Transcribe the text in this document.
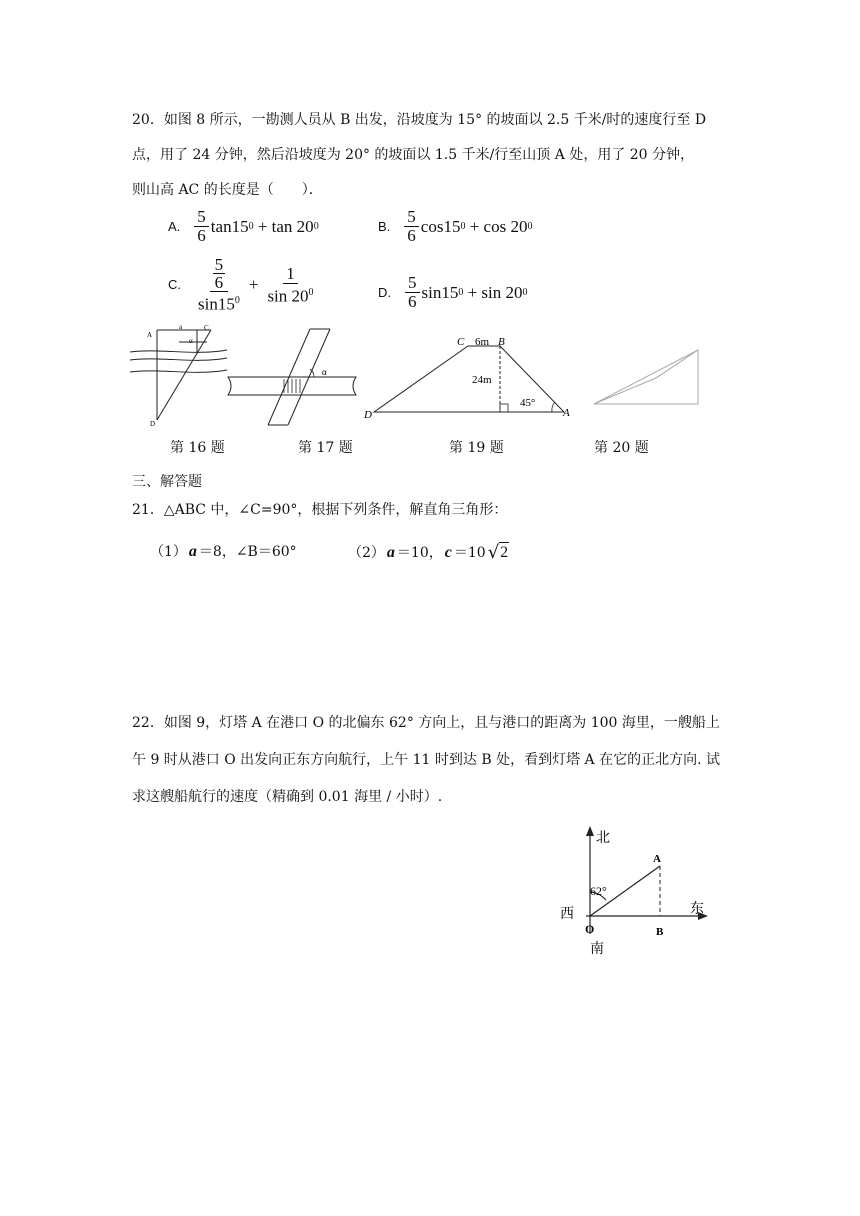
20．如图 8 所示，一勘测人员从 B 出发，沿坡度为 15° 的坡面以 2.5 千米/时的速度行至 D
点，用了 24 分钟，然后沿坡度为 20° 的坡面以 1.5 千米/行至山顶 A 处，用了 20 分钟，
则山高 AC 的长度是（　　）．
A. $\frac{5}{6} \tan 15$ 0 + tan 20 0	B. $\frac{5}{6} \cos 15$ 0 + cos 20 0
C. $\frac{\frac{5}{6}}{\sin 15^0} + \frac{1}{\sin 20^0}$	D. $\frac{5}{6} \sin 15$ 0 + sin 20 0
A
a	C
α
D
α
C 6m B
24m
45°
D	A
第 16 题	第 17 题	第 19 题	第 20 题
三、解答题
21．△ABC 中，∠C=90°，根据下列条件，解直角三角形：
（1） a ＝8，∠B＝60°	（2） a ＝10， c ＝10 √ 2
22．如图 9，灯塔 A 在港口 O 的北偏东 62° 方向上，且与港口的距离为 100 海里，一艘船上
午 9 时从港口 O 出发向正东方向航行，上午 11 时到达 B 处，看到灯塔 A 在它的正北方向. 试
求这艘船航行的速度（精确到 0.01 海里 / 小时）.
北
南
西	东
A
B
O
62°
